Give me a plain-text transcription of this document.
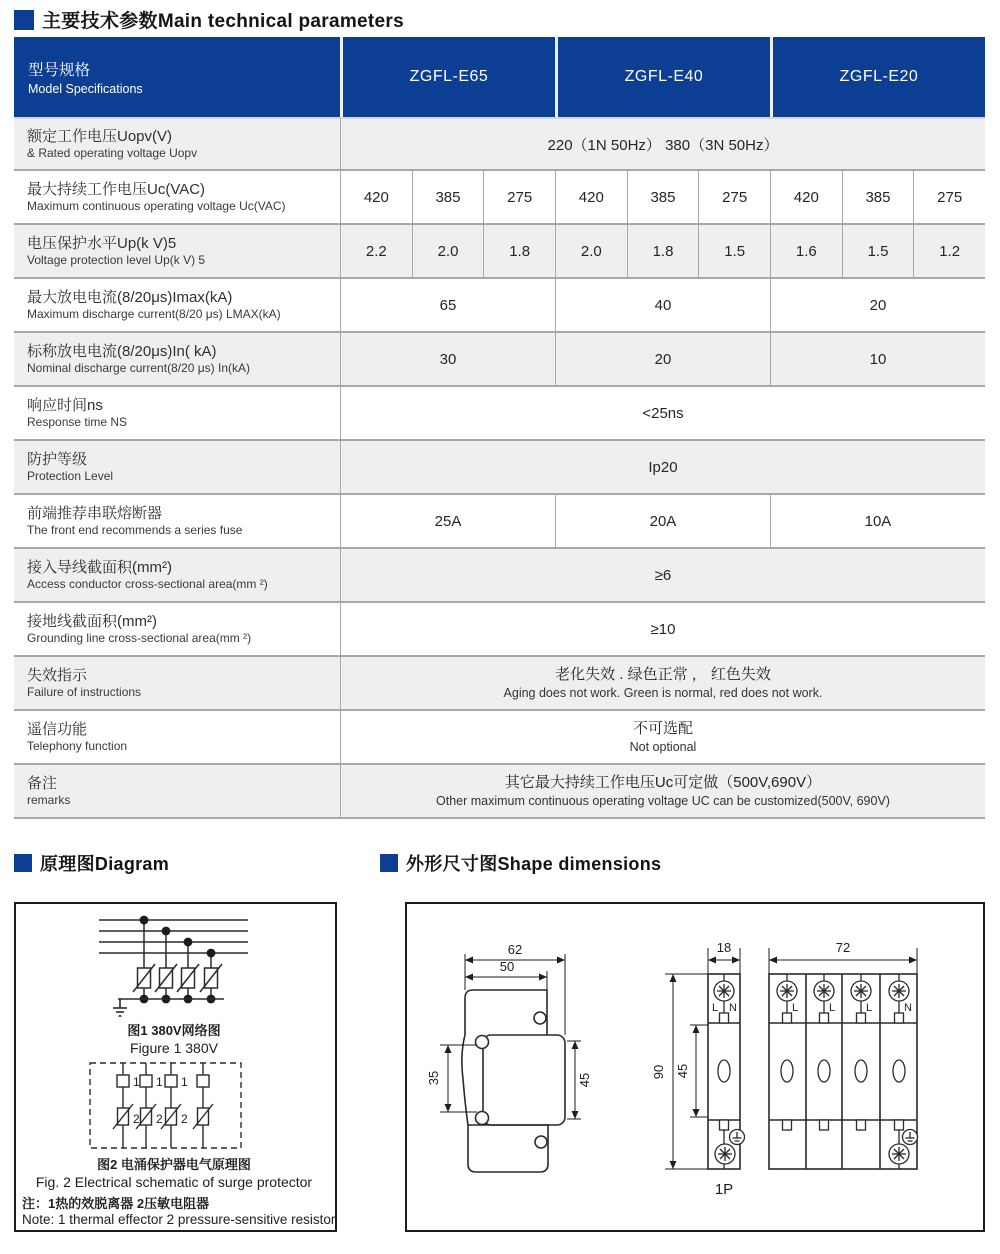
主要技术参数Main technical parameters
型号规格
Model Specifications
ZGFL-E65	ZGFL-E40	ZGFL-E20
额定工作电压Uopv(V)
& Rated operating voltage Uopv	220（1N 50Hz） 380（3N 50Hz）
最大持续工作电压Uc(VAC)
Maximum continuous operating voltage Uc(VAC)
420	385	275	420	385	275	420	385	275
电压保护水平Up(k V)5
Voltage protection level Up(k V) 5
2.2	2.0	1.8	2.0	1.8	1.5	1.6	1.5	1.2
最大放电电流(8/20μs)Imax(kA)
Maximum discharge current(8/20 μs) LMAX(kA)
65	40	20
标称放电电流(8/20μs)In( kA)
Nominal discharge current(8/20 μs) In(kA)
30	20	10
响应时间ns
Response time NS
<25ns
防护等级
Protection Level
Ip20
前端推荐串联熔断器
The front end recommends a series fuse
25A	20A	10A
接入导线截面积(mm²)
Access conductor cross-sectional area(mm ²)
≥6
接地线截面积(mm²)
Grounding line cross-sectional area(mm ²)
≥10
失效指示
Failure of instructions
老化失效 . 绿色正常 ， 红色失效
Aging does not work. Green is normal, red does not work.
遥信功能
Telephony function
不可选配
Not optional
备注
remarks
其它最大持续工作电压Uc可定做（500V,690V）
Other maximum continuous operating voltage UC can be customized(500V, 690V)
原理图Diagram	外形尺寸图Shape dimensions
图1 380V网络图
Figure 1 380V
1 1 1
2 2 2
图2 电涌保护器电气原理图
Fig. 2 Electrical schematic of surge protector
注：1热的效脱离器 2压敏电阻器
Note: 1 thermal effector 2 pressure-sensitive resistor
62
50
35	45
18
L N
90 45
1P
72
L	L	L	N
